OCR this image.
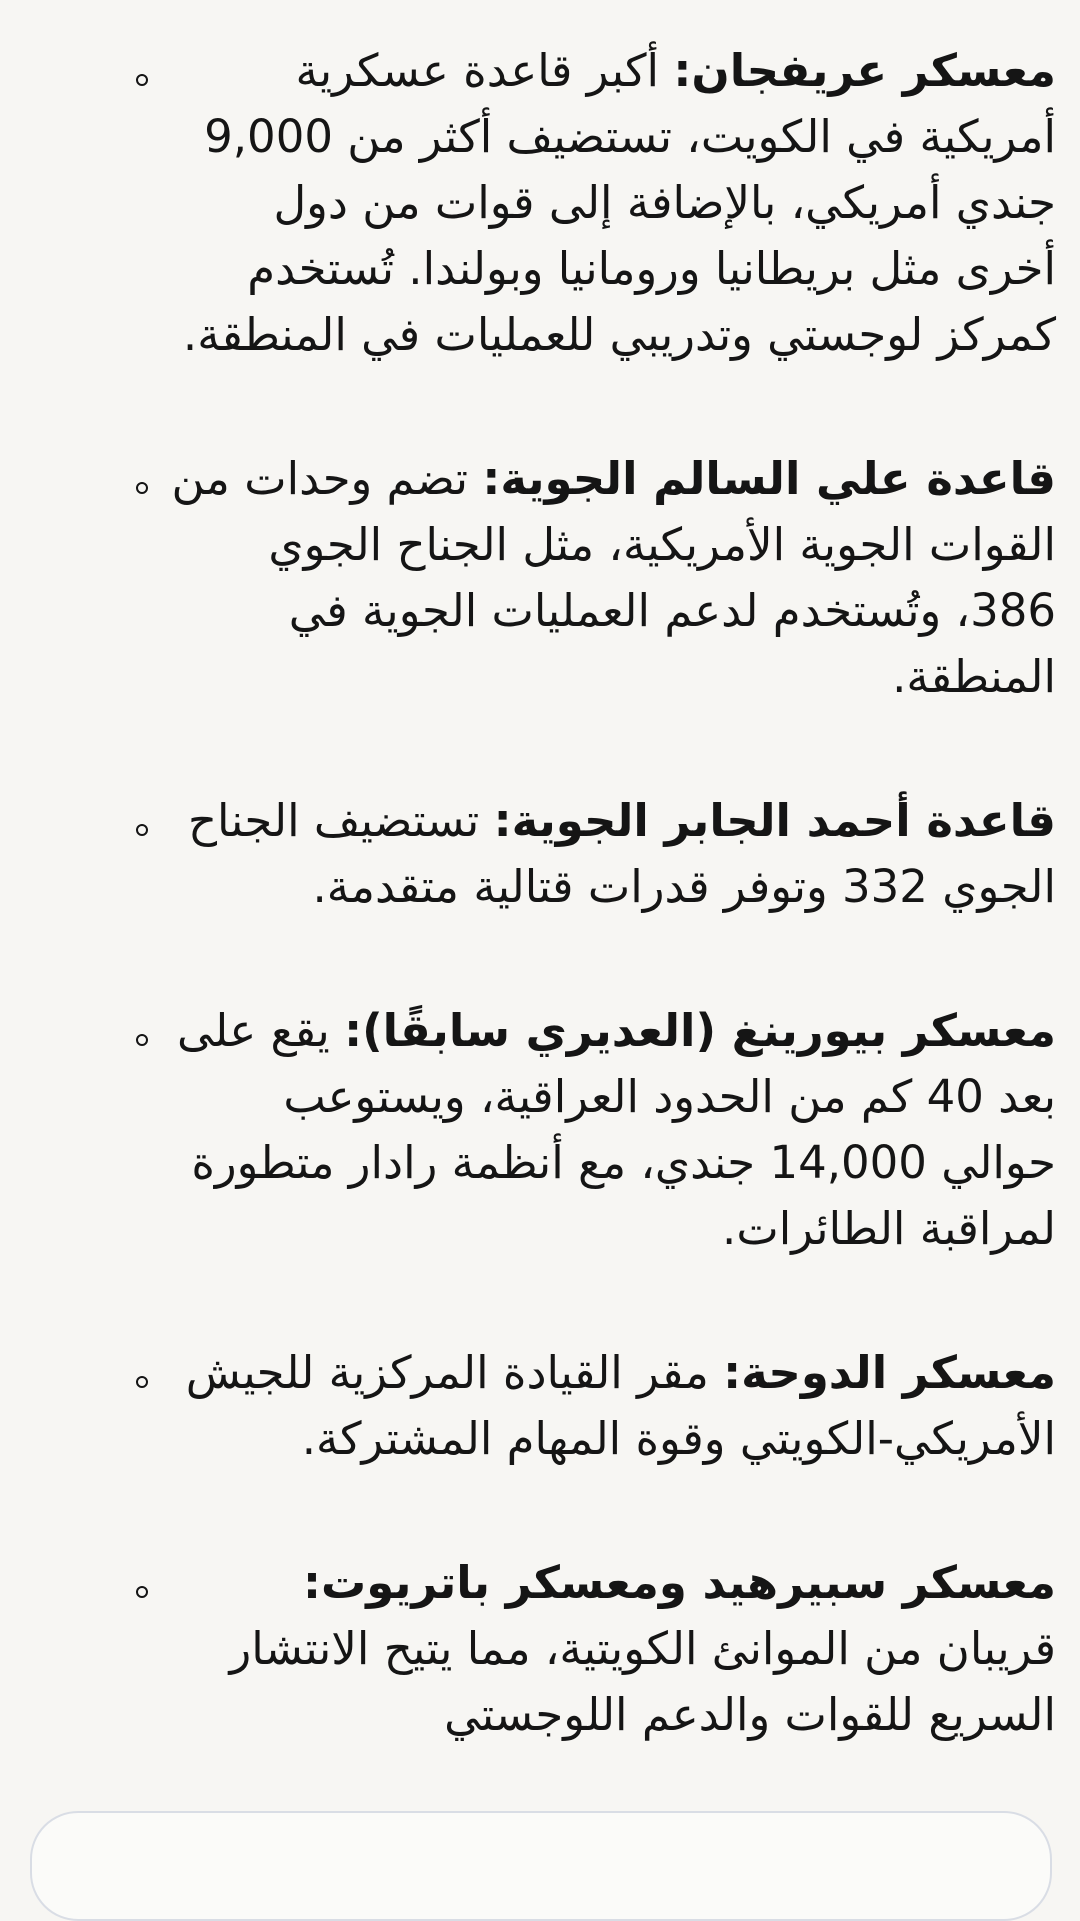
معسكر عريفجان: أكبر قاعدة عسكرية أمريكية في الكويت، تستضيف أكثر من 9,000 جندي أمريكي، بالإضافة إلى قوات من دول أخرى مثل بريطانيا ورومانيا وبولندا. تُستخدم كمركز لوجستي وتدريبي للعمليات في المنطقة.
قاعدة علي السالم الجوية: تضم وحدات من القوات الجوية الأمريكية، مثل الجناح الجوي 386، وتُستخدم لدعم العمليات الجوية في المنطقة.
قاعدة أحمد الجابر الجوية: تستضيف الجناح الجوي 332 وتوفر قدرات قتالية متقدمة.
معسكر بيورينغ (العديري سابقًا): يقع على بعد 40 كم من الحدود العراقية، ويستوعب حوالي 14,000 جندي، مع أنظمة رادار متطورة لمراقبة الطائرات.
معسكر الدوحة: مقر القيادة المركزية للجيش الأمريكي-الكويتي وقوة المهام المشتركة.
معسكر سبيرهيد ومعسكر باتريوت: قريبان من الموانئ الكويتية، مما يتيح الانتشار السريع للقوات والدعم اللوجستي
